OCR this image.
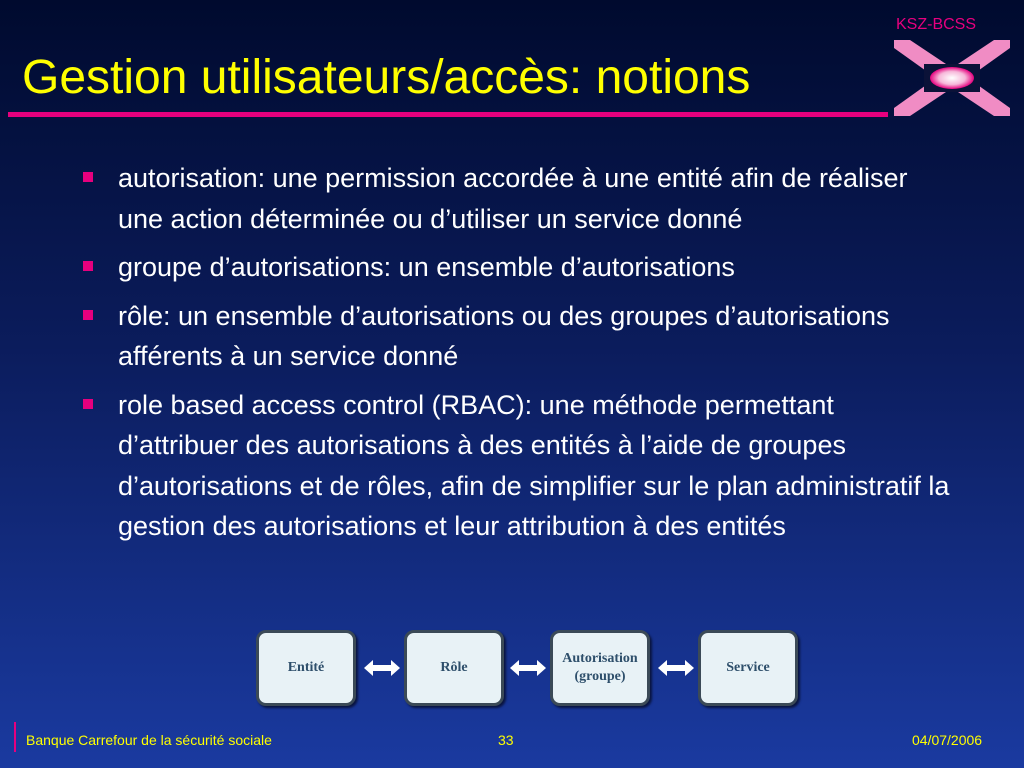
KSZ-BCSS
Gestion utilisateurs/accès: notions
autorisation: une permission accordée à une entité afin de réaliser une action déterminée ou d’utiliser un service donné
groupe d’autorisations: un ensemble d’autorisations
rôle: un ensemble d’autorisations ou des groupes d’autorisations afférents à un service donné
role based access control (RBAC): une méthode permettant d’attribuer des autorisations à des entités à l’aide de groupes d’autorisations et de rôles, afin de simplifier sur le plan administratif la gestion des autorisations et leur attribution à des entités
Entité	Rôle
Autorisation
(groupe)
Service
Banque Carrefour de la sécurité sociale	33	04/07/2006
